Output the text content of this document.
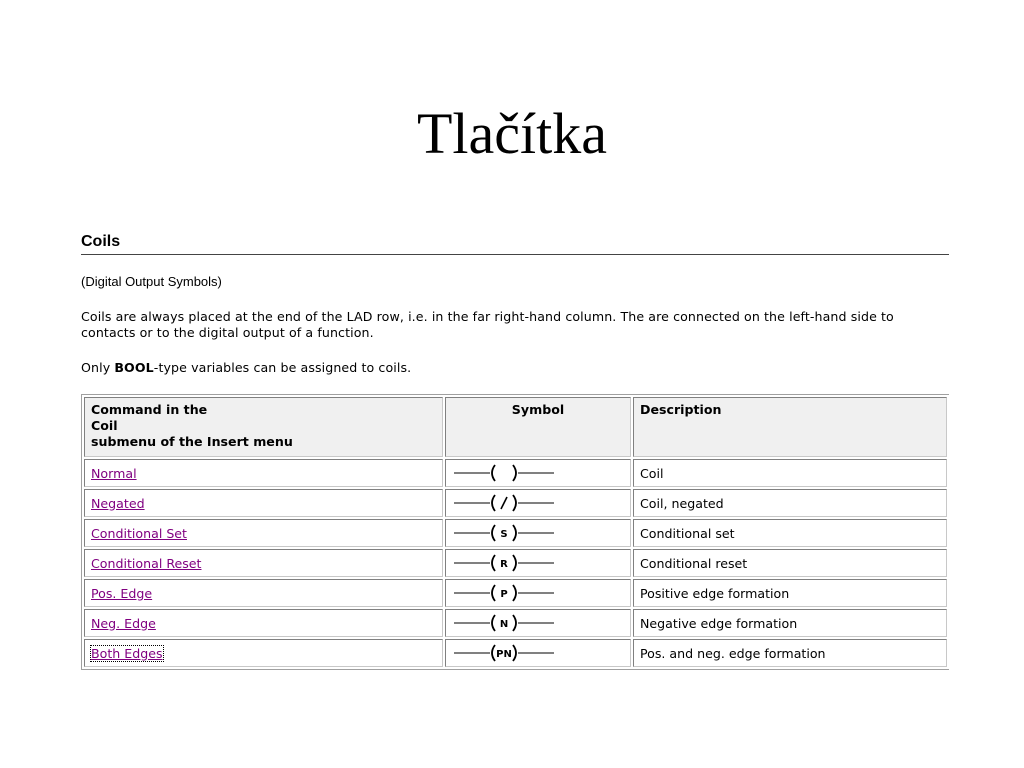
Tlačítka
Coils
(Digital Output Symbols)
Coils are always placed at the end of the LAD row, i.e. in the far right-hand column. The are connected on the left-hand side to contacts or to the digital output of a function.
Only BOOL-type variables can be assigned to coils.
Command in the
Coil
submenu of the Insert menu	Symbol	Description
Normal		Coil
Negated		Coil, negated
Conditional Set	S	Conditional set
Conditional Reset	R	Conditional reset
Pos. Edge	P	Positive edge formation
Neg. Edge	N	Negative edge formation
Both Edges	PN	Pos. and neg. edge formation
